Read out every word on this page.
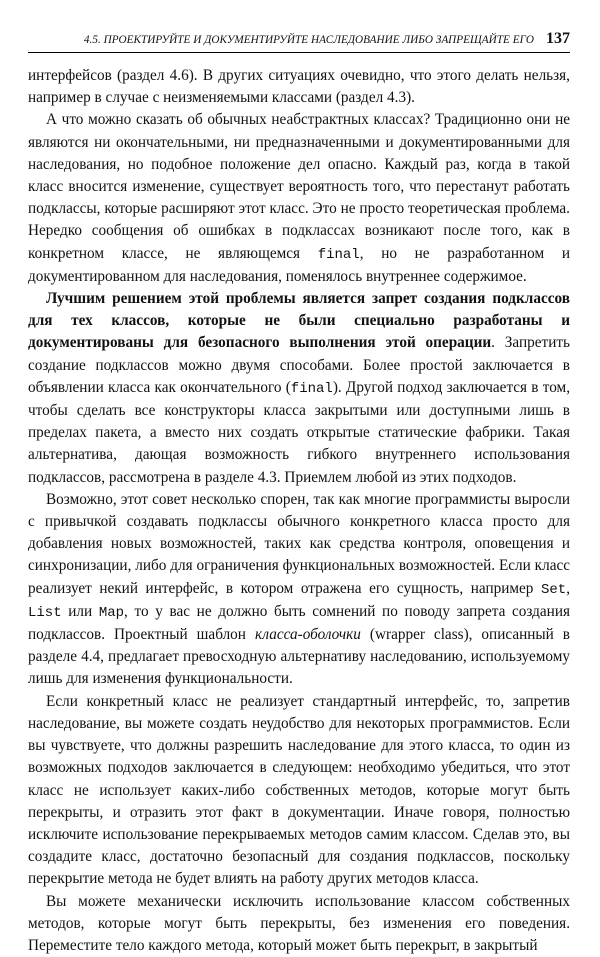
4.5. ПРОЕКТИРУЙТЕ И ДОКУМЕНТИРУЙТЕ НАСЛЕДОВАНИЕ ЛИБО ЗАПРЕЩАЙТЕ ЕГО 137

интерфейсов (раздел 4.6). В других ситуациях очевидно, что этого делать нельзя, например в случае с неизменяемыми классами (раздел 4.3).

А что можно сказать об обычных неабстрактных классах? Традиционно они не являются ни окончательными, ни предназначенными и документированными для наследования, но подобное положение дел опасно. Каждый раз, когда в такой класс вносится изменение, существует вероятность того, что перестанут работать подклассы, которые расширяют этот класс. Это не просто теоретическая проблема. Нередко сообщения об ошибках в подклассах возникают после того, как в конкретном классе, не являющемся final, но не разработанном и документированном для наследования, поменялось внутреннее содержимое.

Лучшим решением этой проблемы является запрет создания подклассов для тех классов, которые не были специально разработаны и документированы для безопасного выполнения этой операции. Запретить создание подклассов можно двумя способами. Более простой заключается в объявлении класса как окончательного (final). Другой подход заключается в том, чтобы сделать все конструкторы класса закрытыми или доступными лишь в пределах пакета, а вместо них создать открытые статические фабрики. Такая альтернатива, дающая возможность гибкого внутреннего использования подклассов, рассмотрена в разделе 4.3. Приемлем любой из этих подходов.

Возможно, этот совет несколько спорен, так как многие программисты выросли с привычкой создавать подклассы обычного конкретного класса просто для добавления новых возможностей, таких как средства контроля, оповещения и синхронизации, либо для ограничения функциональных возможностей. Если класс реализует некий интерфейс, в котором отражена его сущность, например Set, List или Map, то у вас не должно быть сомнений по поводу запрета создания подклассов. Проектный шаблон класса-оболочки (wrapper class), описанный в разделе 4.4, предлагает превосходную альтернативу наследованию, используемому лишь для изменения функциональности.

Если конкретный класс не реализует стандартный интерфейс, то, запретив наследование, вы можете создать неудобство для некоторых программистов. Если вы чувствуете, что должны разрешить наследование для этого класса, то один из возможных подходов заключается в следующем: необходимо убедиться, что этот класс не использует каких-либо собственных методов, которые могут быть перекрыты, и отразить этот факт в документации. Иначе говоря, полностью исключите использование перекрываемых методов самим классом. Сделав это, вы создадите класс, достаточно безопасный для создания подклассов, поскольку перекрытие метода не будет влиять на работу других методов класса.

Вы можете механически исключить использование классом собственных методов, которые могут быть перекрыты, без изменения его поведения. Переместите тело каждого метода, который может быть перекрыт, в закрытый
